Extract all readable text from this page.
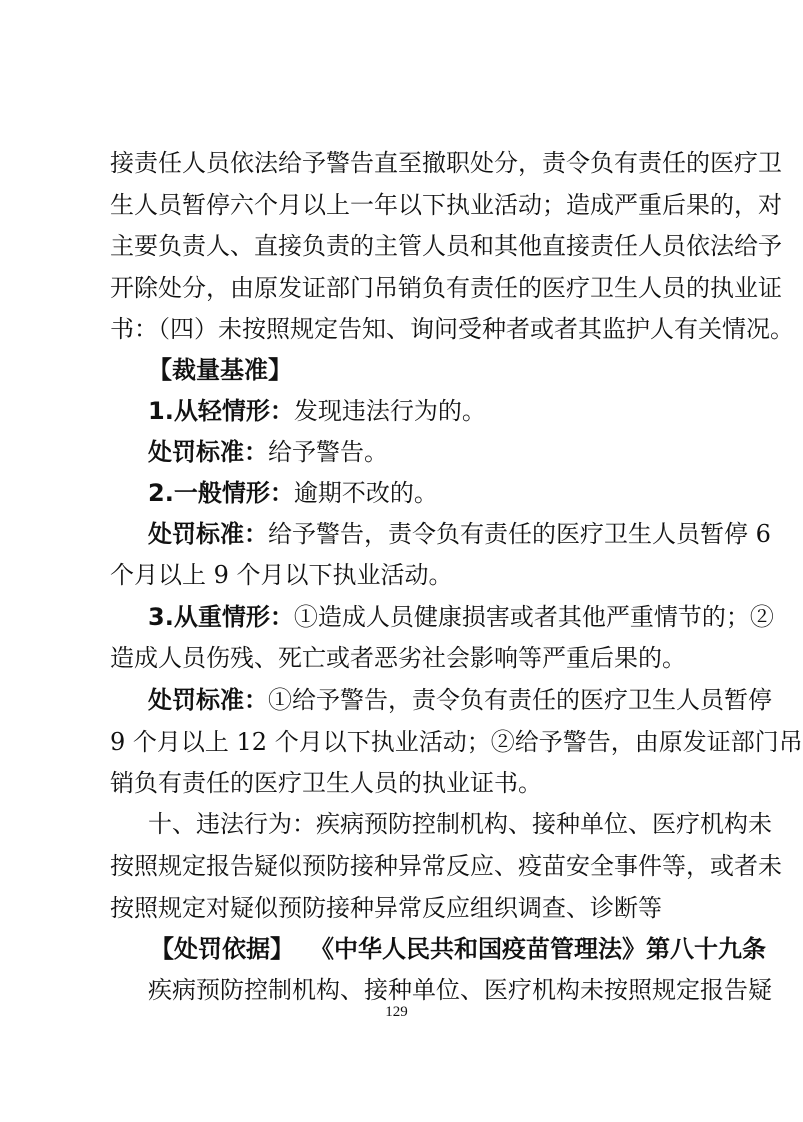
接责任人员依法给予警告直至撤职处分，责令负有责任的医疗卫
生人员暂停六个月以上一年以下执业活动；造成严重后果的，对
主要负责人、直接负责的主管人员和其他直接责任人员依法给予
开除处分，由原发证部门吊销负有责任的医疗卫生人员的执业证
书：（四）未按照规定告知、询问受种者或者其监护人有关情况。
【裁量基准】
1.从轻情形：发现违法行为的。
处罚标准：给予警告。
2.一般情形：逾期不改的。
处罚标准：给予警告，责令负有责任的医疗卫生人员暂停 6
个月以上 9 个月以下执业活动。
3.从重情形：①造成人员健康损害或者其他严重情节的；②
造成人员伤残、死亡或者恶劣社会影响等严重后果的。
处罚标准：①给予警告，责令负有责任的医疗卫生人员暂停
9 个月以上 12 个月以下执业活动；②给予警告，由原发证部门吊
销负有责任的医疗卫生人员的执业证书。
十、违法行为：疾病预防控制机构、接种单位、医疗机构未
按照规定报告疑似预防接种异常反应、疫苗安全事件等，或者未
按照规定对疑似预防接种异常反应组织调查、诊断等
【处罚依据】 《中华人民共和国疫苗管理法》第八十九条
疾病预防控制机构、接种单位、医疗机构未按照规定报告疑
129
